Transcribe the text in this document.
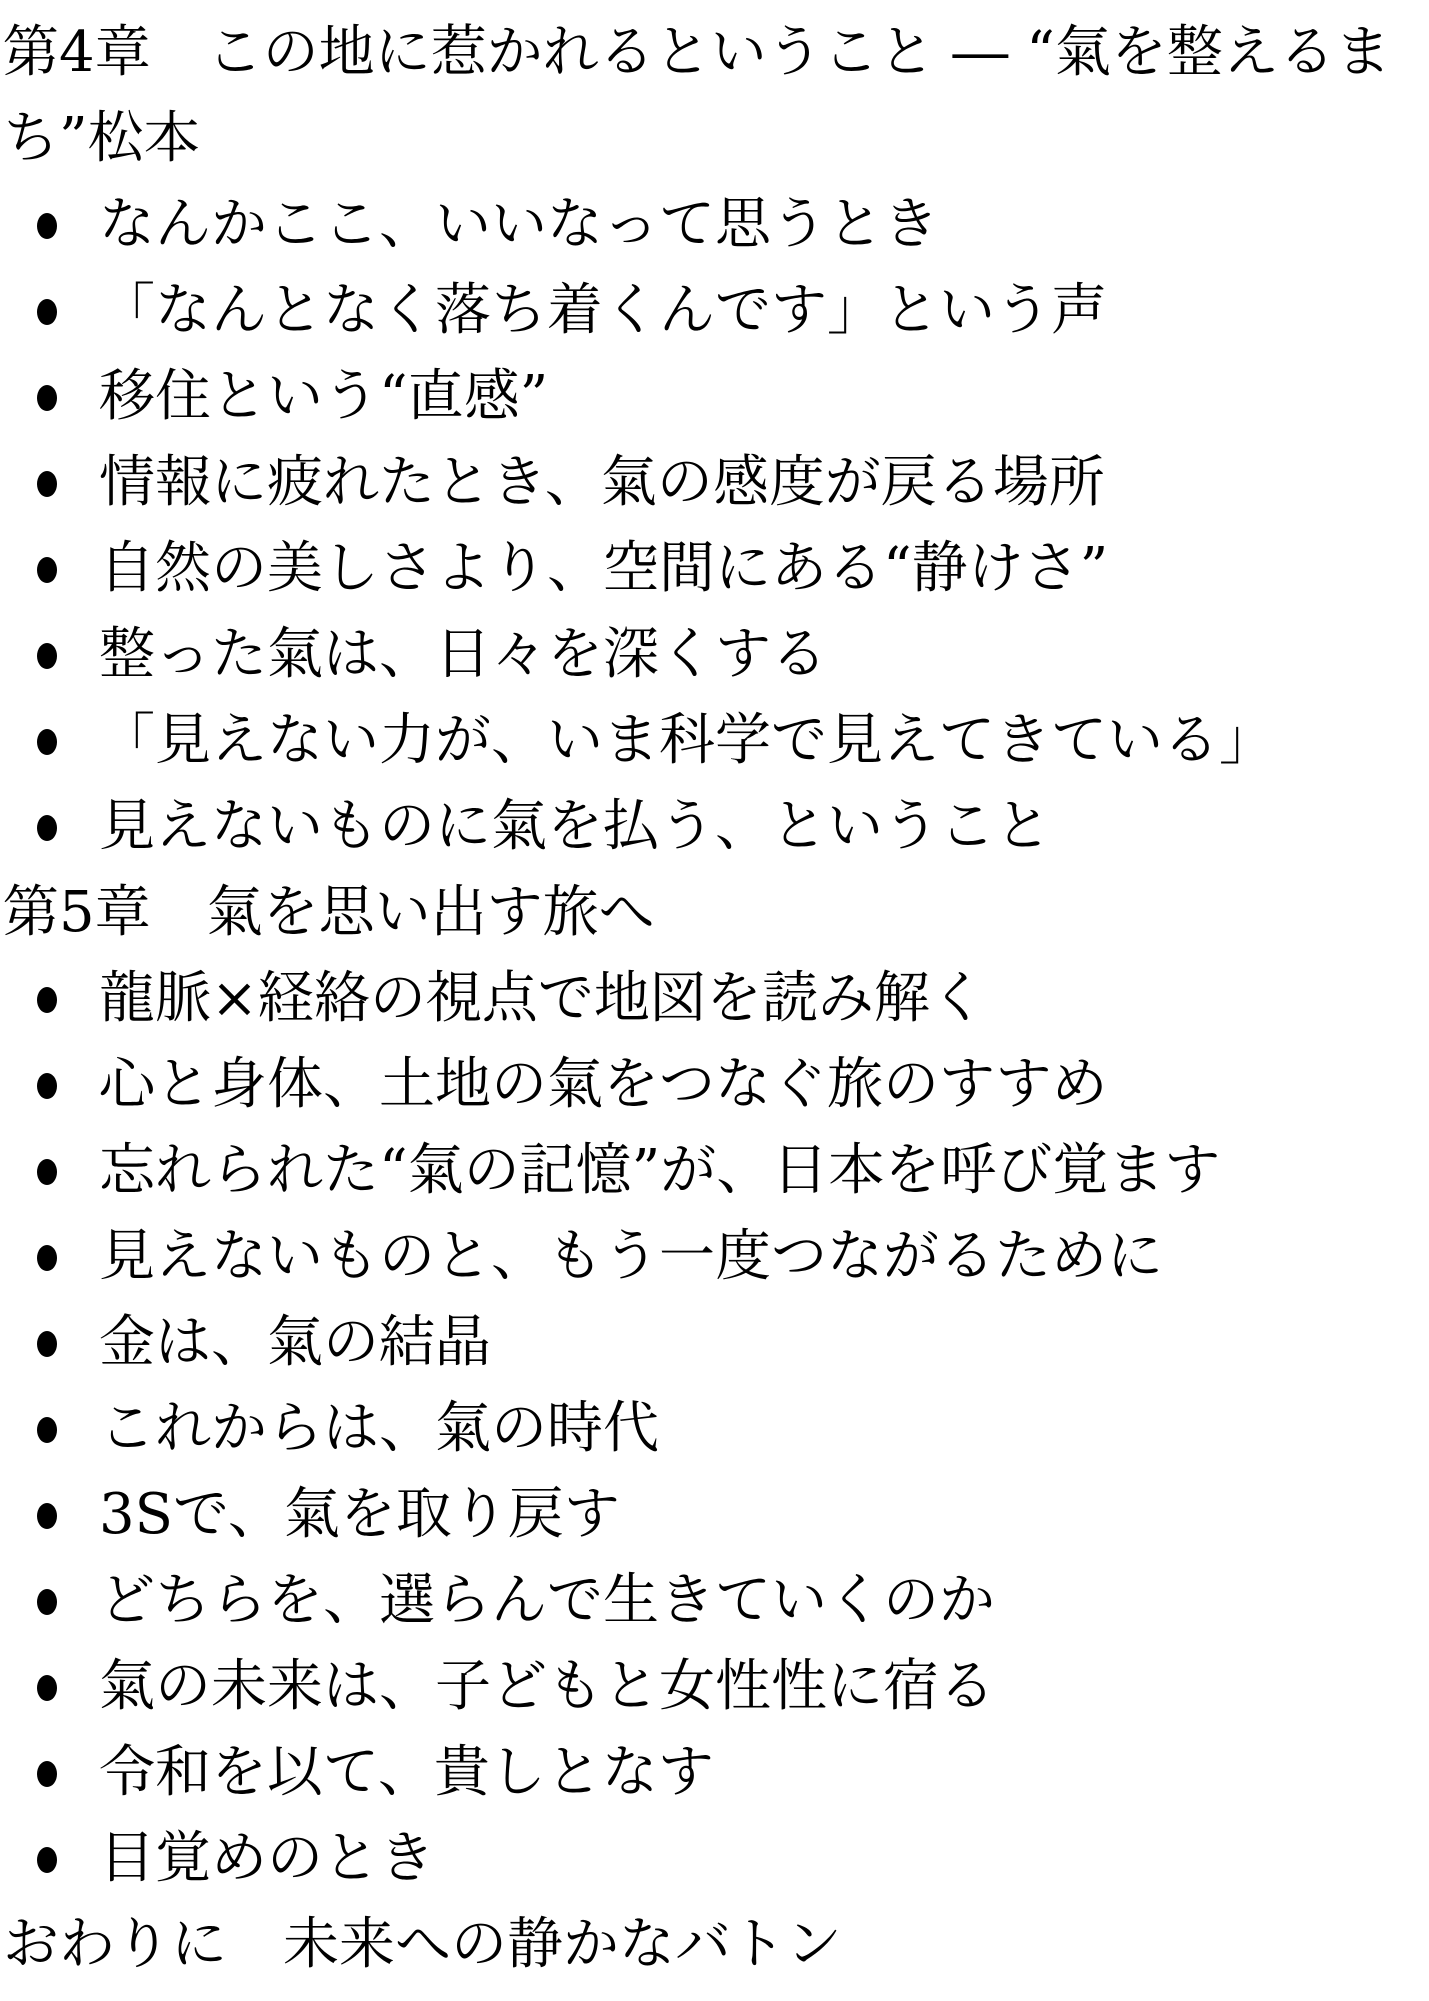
第4章　この地に惹かれるということ ― “氣を整えるまち”松本
なんかここ、いいなって思うとき
「なんとなく落ち着くんです」という声
移住という“直感”
情報に疲れたとき、氣の感度が戻る場所
自然の美しさより、空間にある“静けさ”
整った氣は、日々を深くする
「見えない力が、いま科学で見えてきている」
見えないものに氣を払う、ということ
第5章　氣を思い出す旅へ
龍脈×経絡の視点で地図を読み解く
心と身体、土地の氣をつなぐ旅のすすめ
忘れられた“氣の記憶”が、日本を呼び覚ます
見えないものと、もう一度つながるために
金は、氣の結晶
これからは、氣の時代
3Sで、氣を取り戻す
どちらを、選らんで生きていくのか
氣の未来は、子どもと女性性に宿る
令和を以て、貴しとなす
目覚めのとき
おわりに　未来への静かなバトン
